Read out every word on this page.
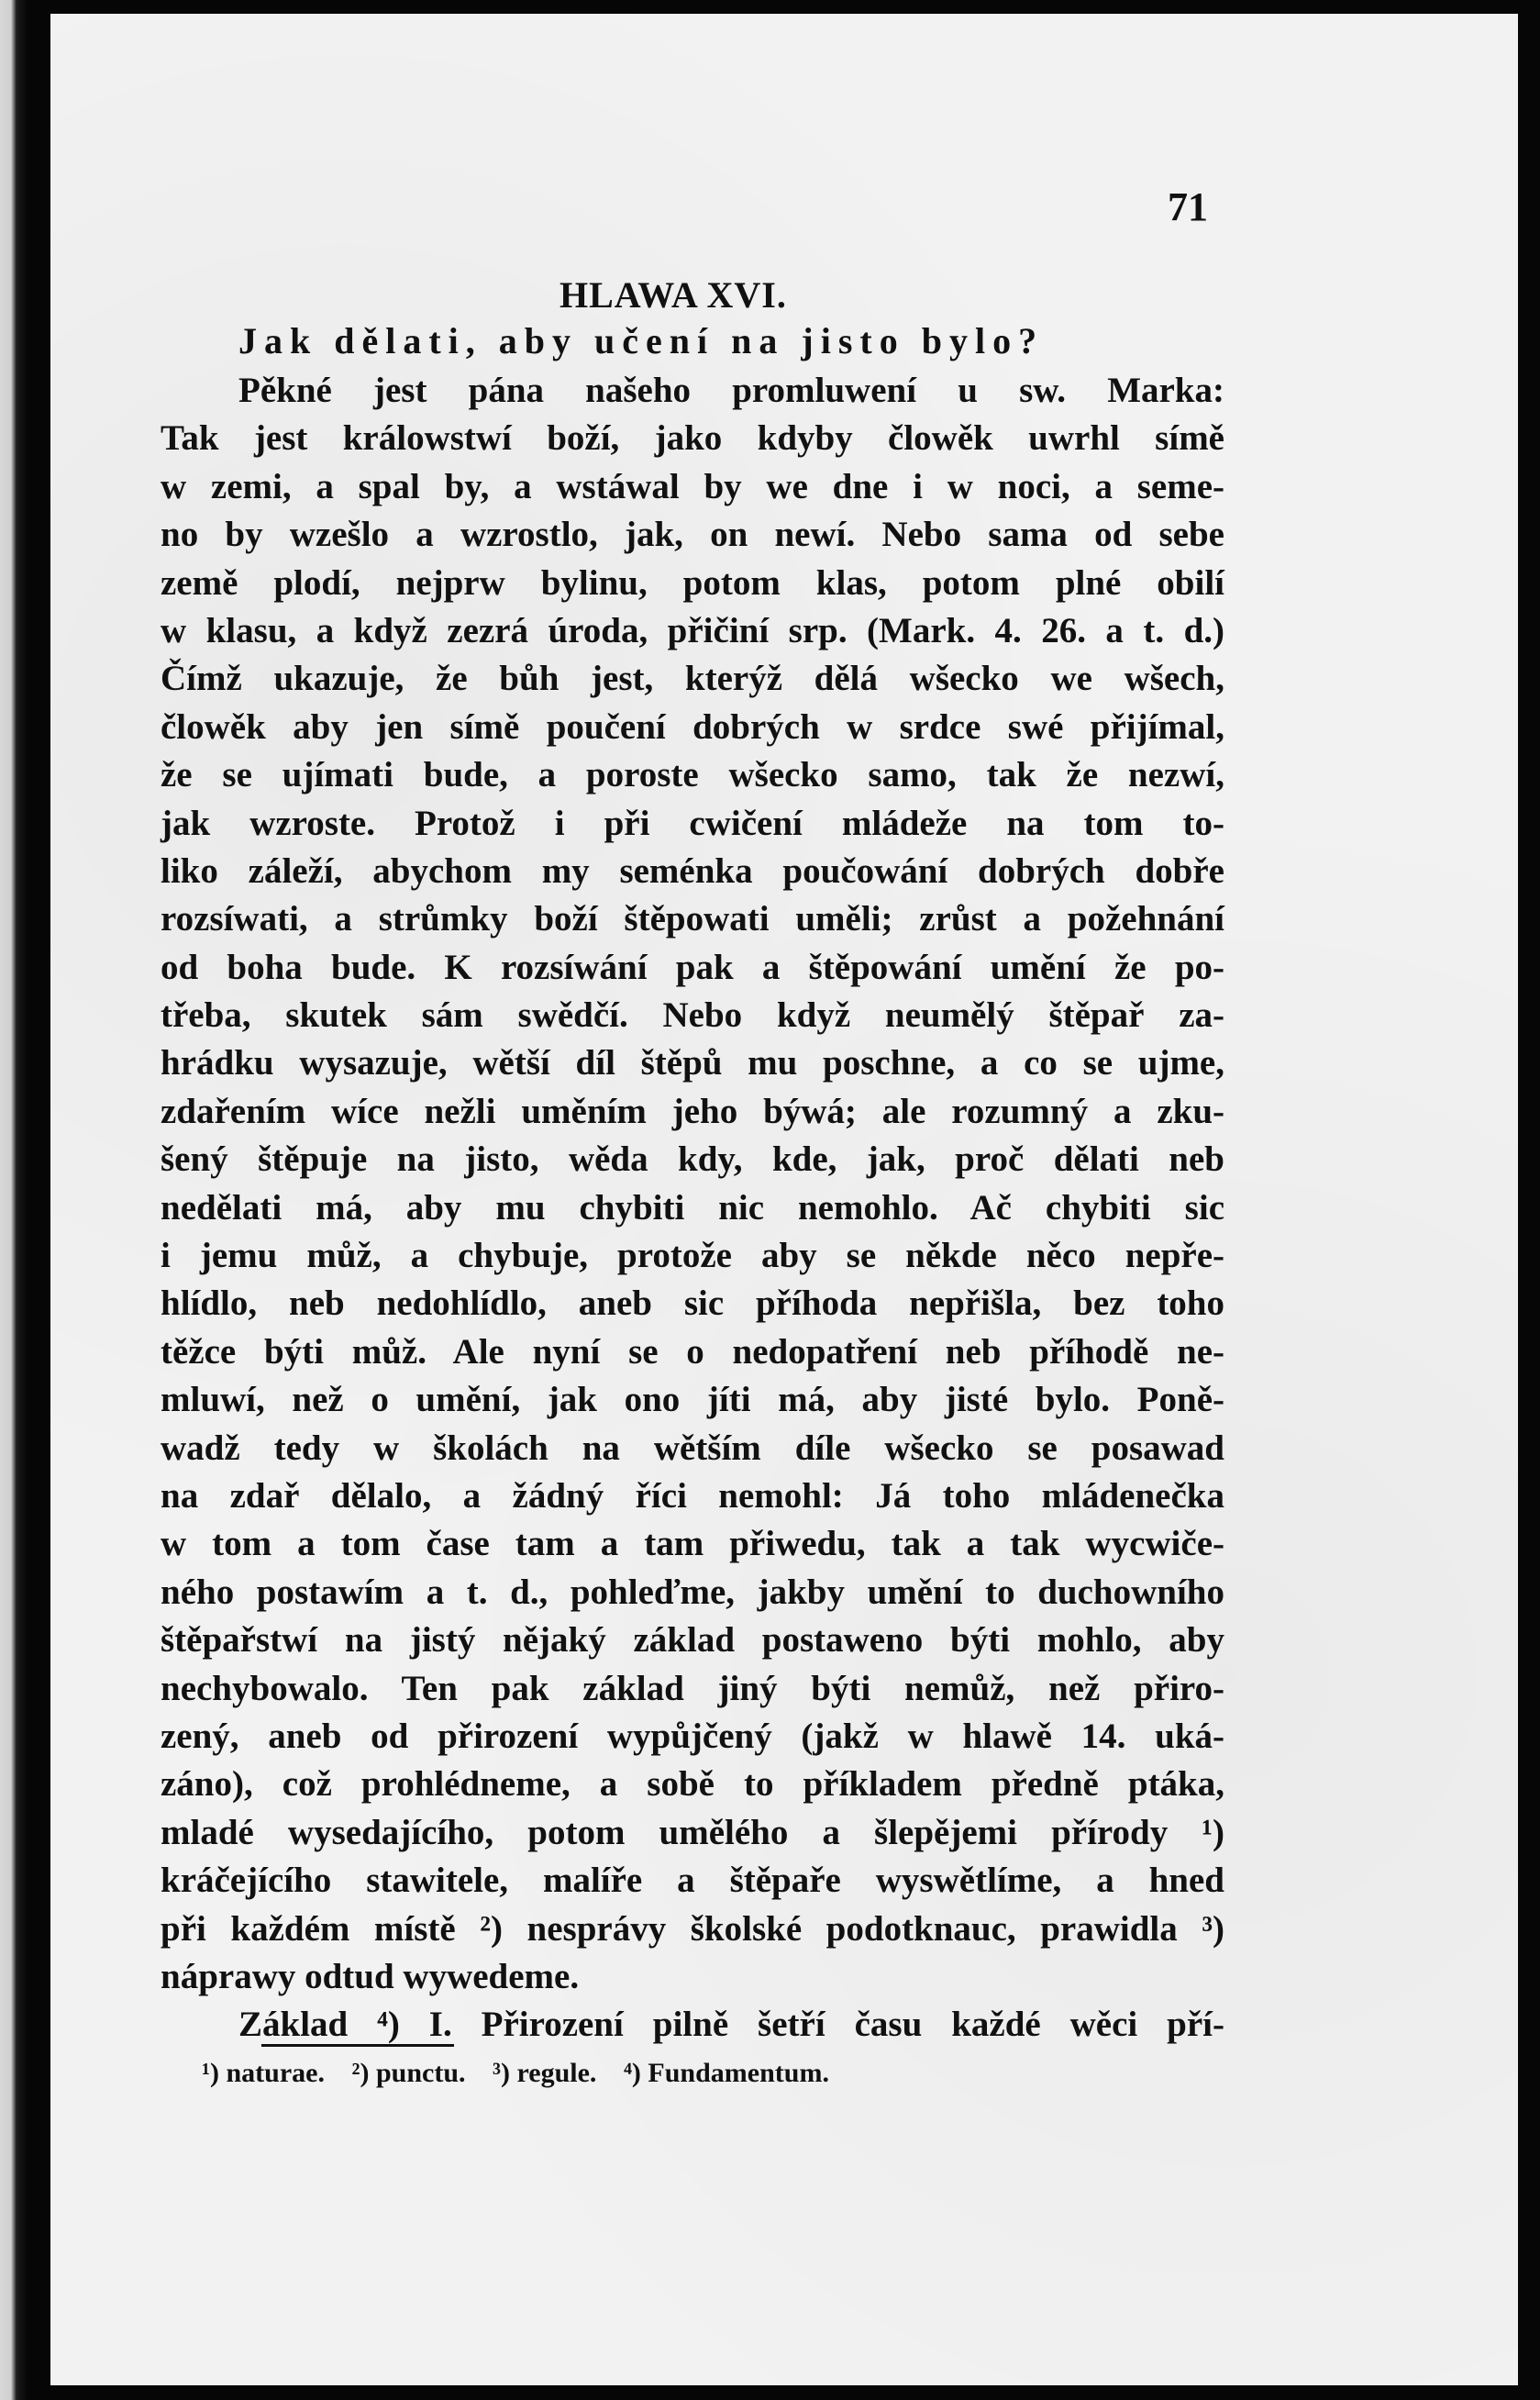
71
HLAWA XVI.
Jak dělati, aby učení na jisto bylo?
Pěkné jest pána našeho promluwení u sw. Marka:
Tak jest králowstwí boží, jako kdyby člowěk uwrhl símě
w zemi, a spal by, a wstáwal by we dne i w noci, a seme-
no by wzešlo a wzrostlo, jak, on newí. Nebo sama od sebe
země plodí, nejprw bylinu, potom klas, potom plné obilí
w klasu, a když zezrá úroda, přičiní srp. (Mark. 4. 26. a t. d.)
Čímž ukazuje, že bůh jest, kterýž dělá wšecko we wšech,
člowěk aby jen símě poučení dobrých w srdce swé přijímal,
že se ujímati bude, a poroste wšecko samo, tak že nezwí,
jak wzroste. Protož i při cwičení mládeže na tom to-
liko záleží, abychom my seménka poučowání dobrých dobře
rozsíwati, a strůmky boží štěpowati uměli; zrůst a požehnání
od boha bude. K rozsíwání pak a štěpowání umění že po-
třeba, skutek sám swědčí. Nebo když neumělý štěpař za-
hrádku wysazuje, wětší díl štěpů mu poschne, a co se ujme,
zdařením wíce nežli uměním jeho býwá; ale rozumný a zku-
šený štěpuje na jisto, wěda kdy, kde, jak, proč dělati neb
nedělati má, aby mu chybiti nic nemohlo. Ač chybiti sic
i jemu můž, a chybuje, protože aby se někde něco nepře-
hlídlo, neb nedohlídlo, aneb sic příhoda nepřišla, bez toho
těžce býti můž. Ale nyní se o nedopatření neb příhodě ne-
mluwí, než o umění, jak ono jíti má, aby jisté bylo. Poně-
wadž tedy w školách na wětším díle wšecko se posawad
na zdař dělalo, a žádný říci nemohl: Já toho mládenečka
w tom a tom čase tam a tam přiwedu, tak a tak wycwiče-
ného postawím a t. d., pohleďme, jakby umění to duchowního
štěpařstwí na jistý nějaký základ postaweno býti mohlo, aby
nechybowalo. Ten pak základ jiný býti nemůž, než přiro-
zený, aneb od přirození wypůjčený (jakž w hlawě 14. uká-
záno), což prohlédneme, a sobě to příkladem předně ptáka,
mladé wysedajícího, potom umělého a šlepějemi přírody ¹)
kráčejícího stawitele, malíře a štěpaře wyswětlíme, a hned
při každém místě ²) nesprávy školské podotknauc, prawidla ³)
náprawy odtud wywedeme.
Základ ⁴) I. Přirození pilně šetří času každé wěci pří-
¹) naturae. ²) punctu. ³) regule. ⁴) Fundamentum.
